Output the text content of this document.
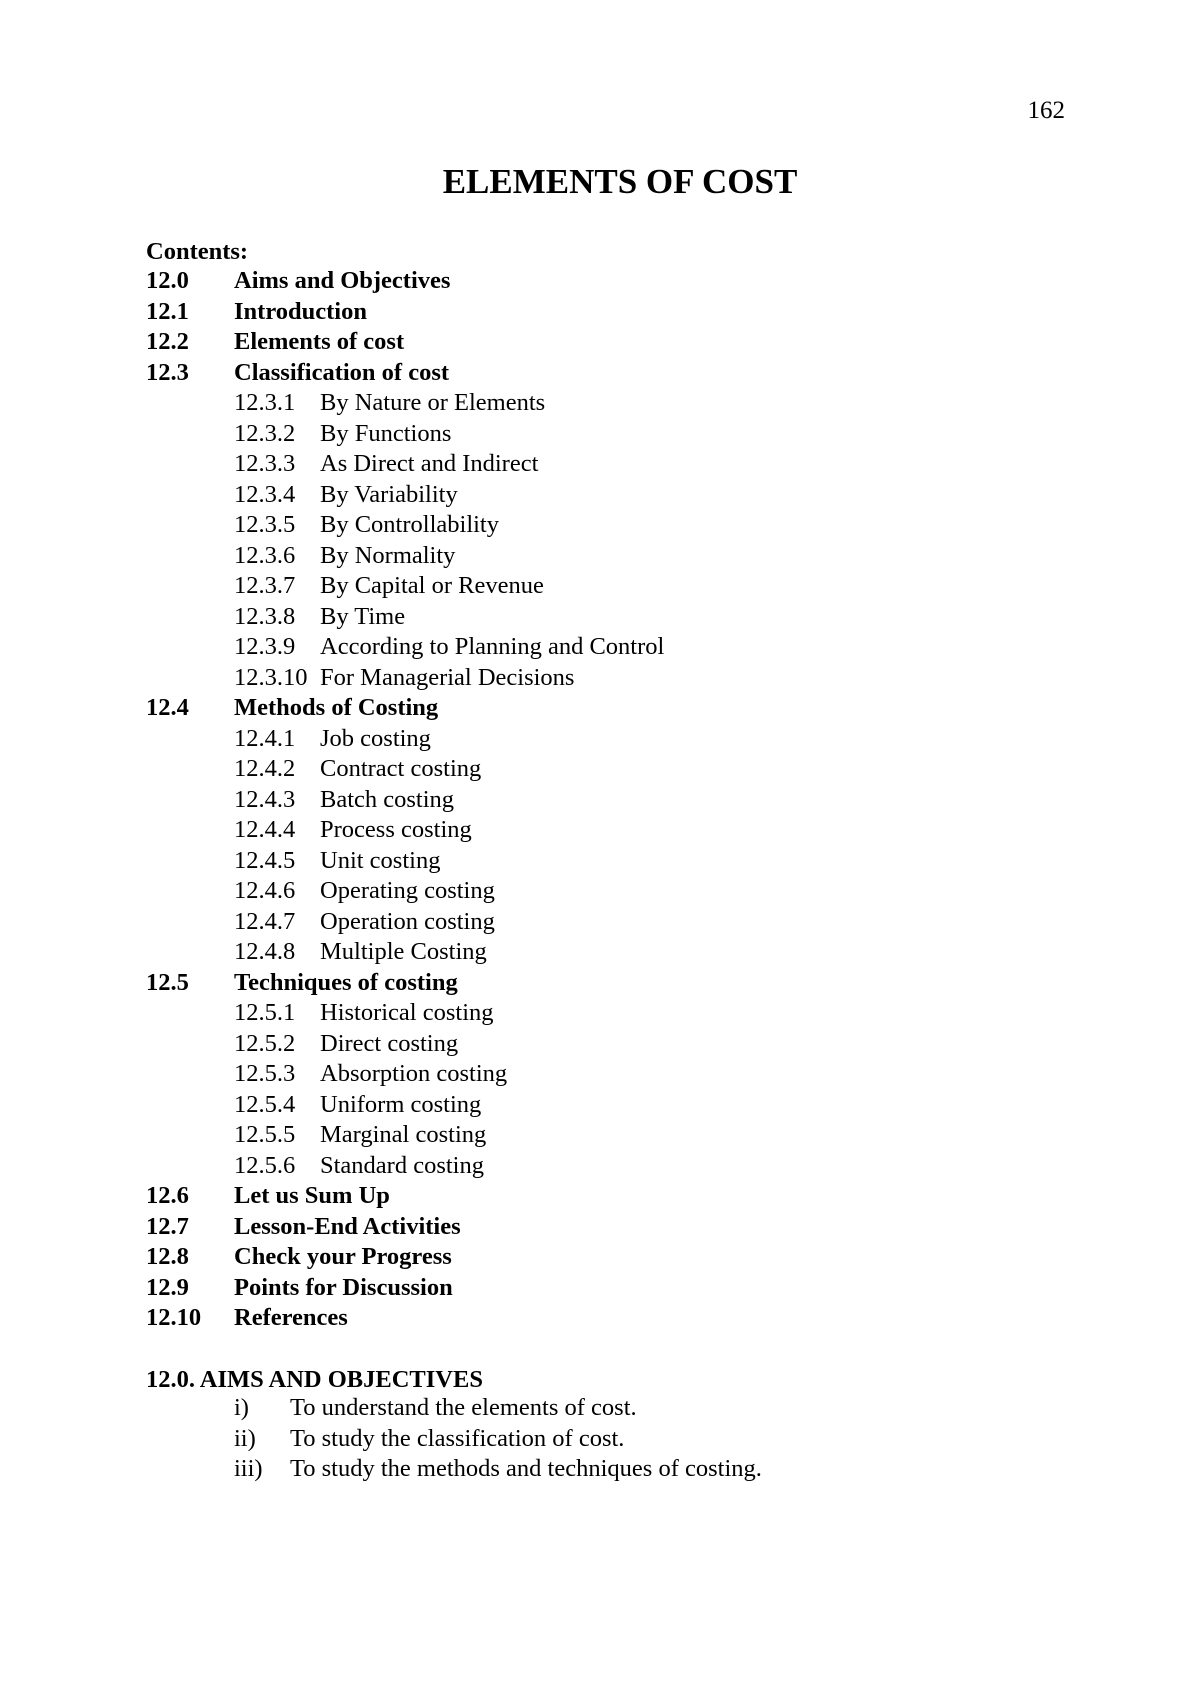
162
ELEMENTS OF COST
Contents:
12.0 Aims and Objectives
12.1 Introduction
12.2 Elements of cost
12.3 Classification of cost
12.3.1 By Nature or Elements
12.3.2 By Functions
12.3.3 As Direct and Indirect
12.3.4 By Variability
12.3.5 By Controllability
12.3.6 By Normality
12.3.7 By Capital or Revenue
12.3.8 By Time
12.3.9 According to Planning and Control
12.3.10 For Managerial Decisions
12.4 Methods of Costing
12.4.1 Job costing
12.4.2 Contract costing
12.4.3 Batch costing
12.4.4 Process costing
12.4.5 Unit costing
12.4.6 Operating costing
12.4.7 Operation costing
12.4.8 Multiple Costing
12.5 Techniques of costing
12.5.1 Historical costing
12.5.2 Direct costing
12.5.3 Absorption costing
12.5.4 Uniform costing
12.5.5 Marginal costing
12.5.6 Standard costing
12.6 Let us Sum Up
12.7 Lesson-End Activities
12.8 Check your Progress
12.9 Points for Discussion
12.10 References
12.0. AIMS AND OBJECTIVES
i) To understand the elements of cost.
ii) To study the classification of cost.
iii) To study the methods and techniques of costing.
